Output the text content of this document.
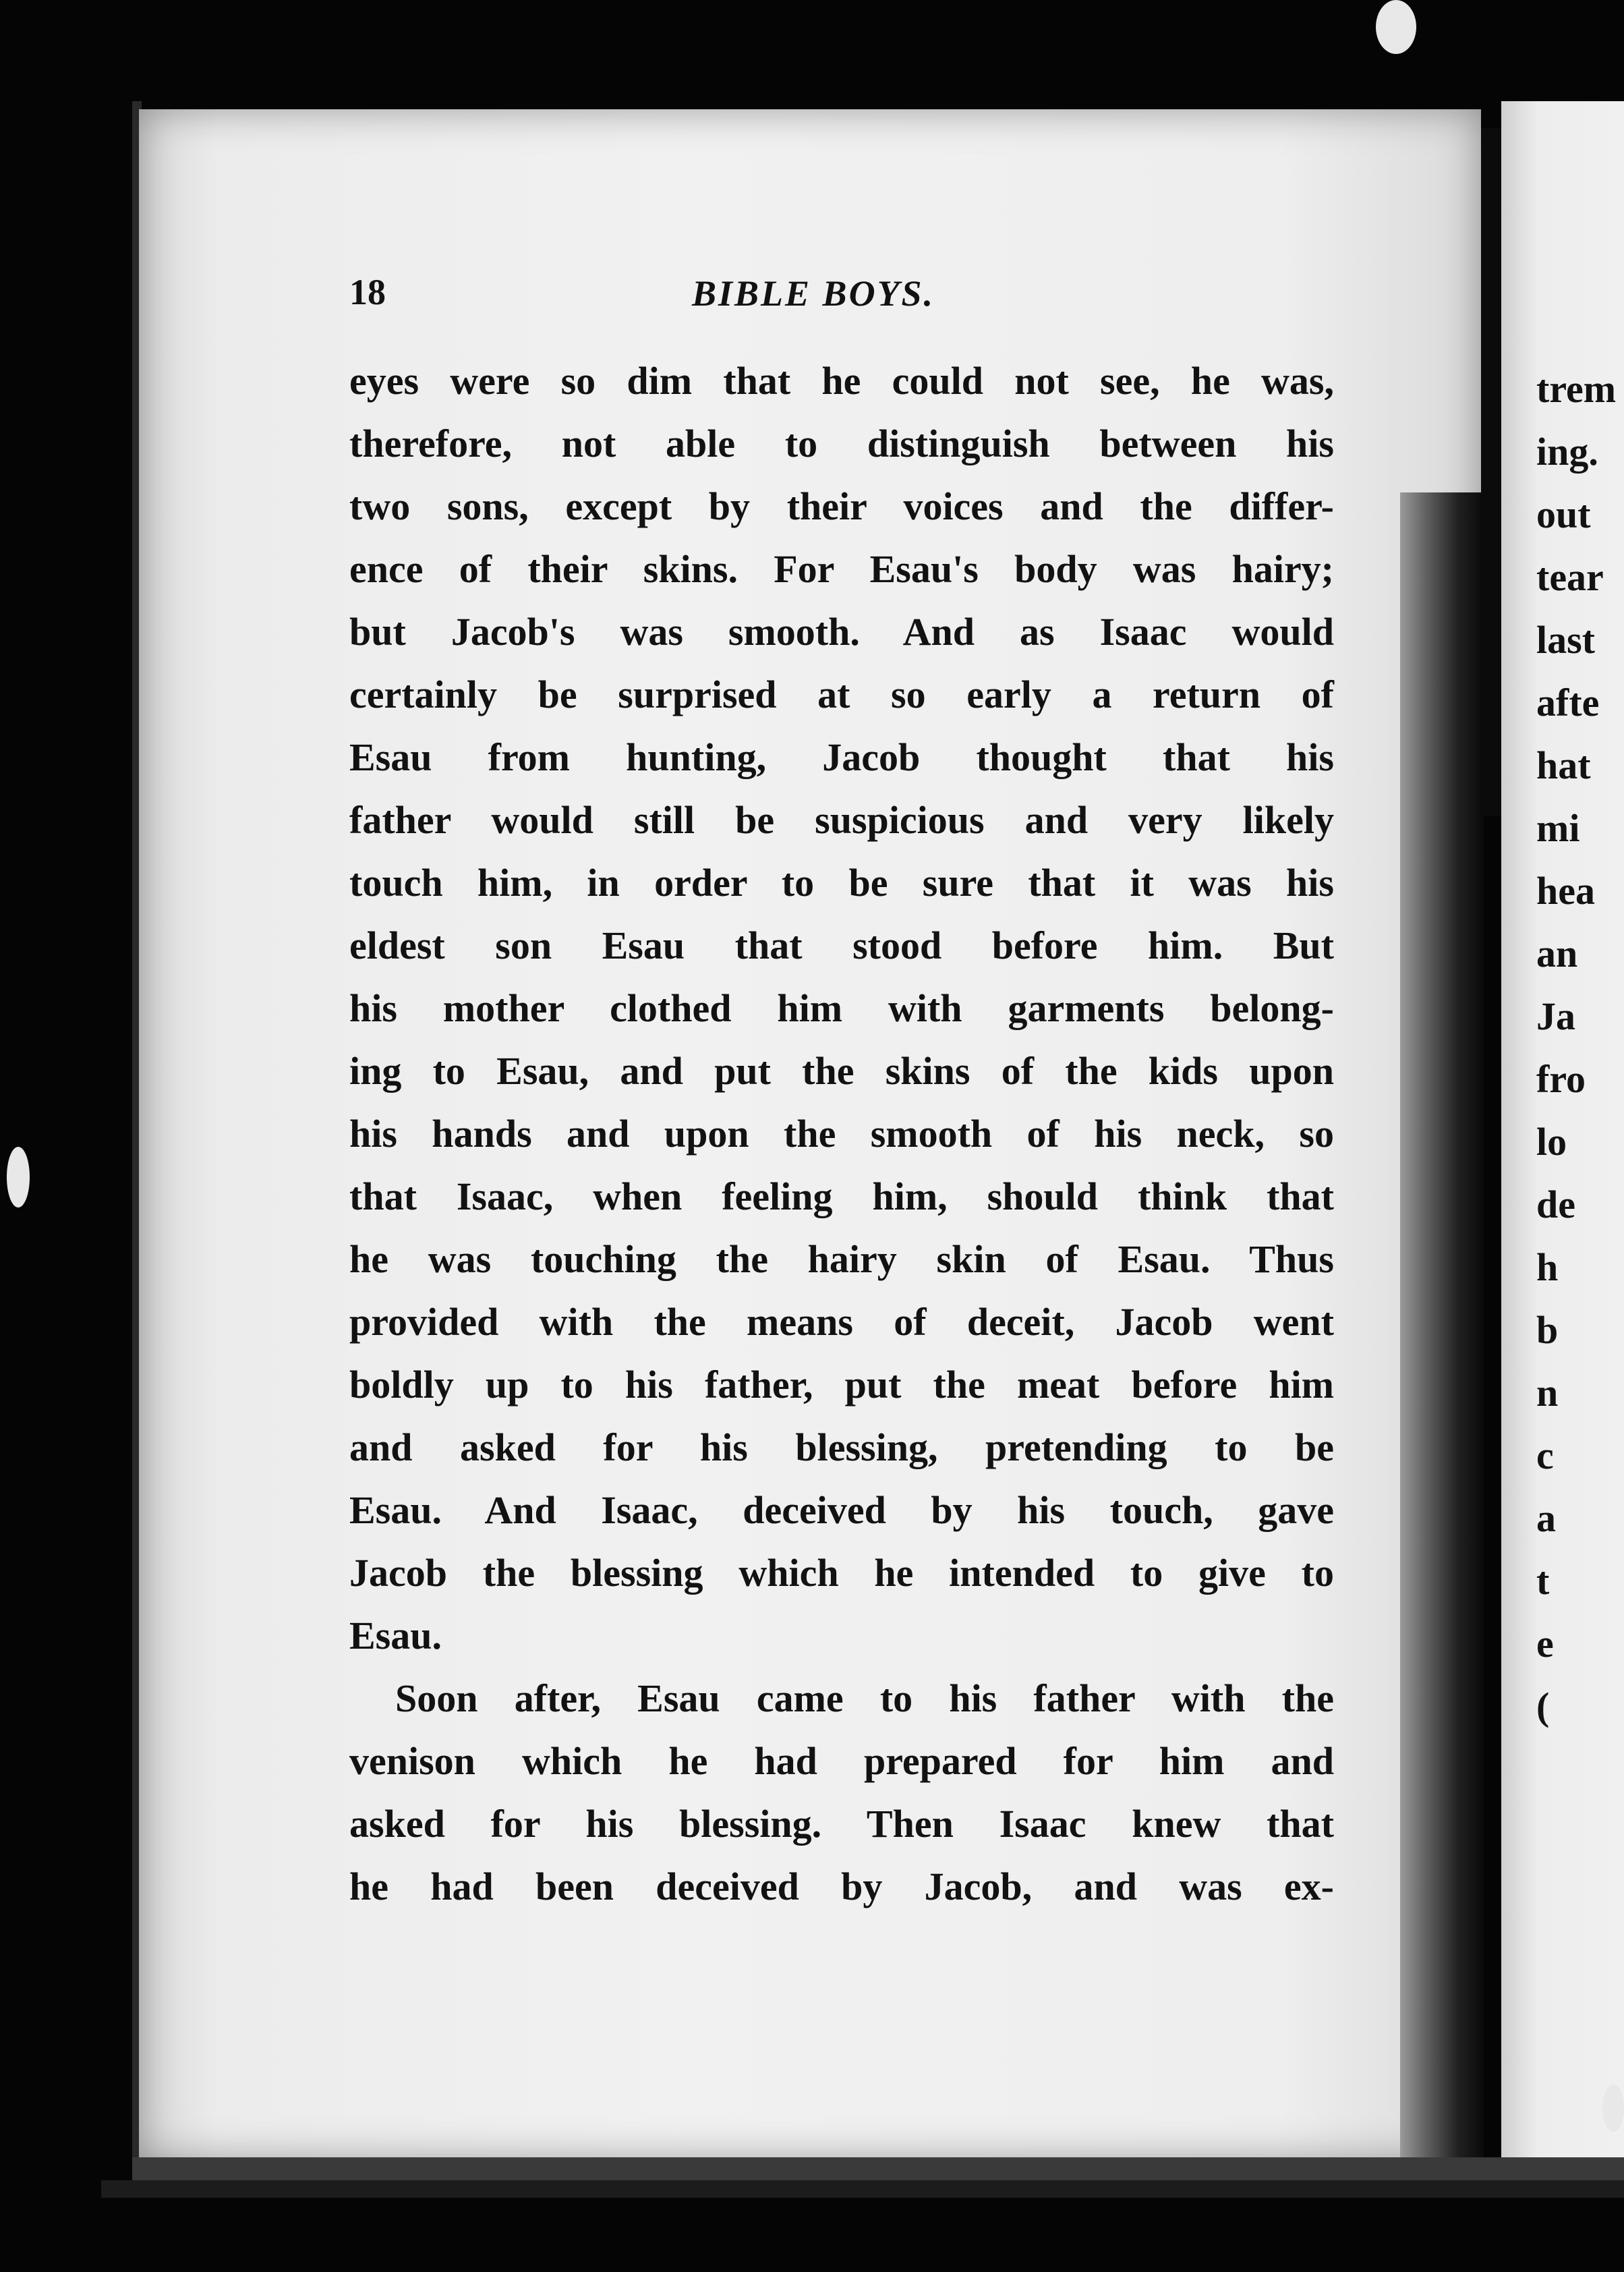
18	BIBLE BOYS.
eyes were so dim that he could not see, he was,
therefore, not able to distinguish between his
two sons, except by their voices and the differ-
ence of their skins. For Esau's body was hairy;
but Jacob's was smooth. And as Isaac would
certainly be surprised at so early a return of
Esau from hunting, Jacob thought that his
father would still be suspicious and very likely
touch him, in order to be sure that it was his
eldest son Esau that stood before him. But
his mother clothed him with garments belong-
ing to Esau, and put the skins of the kids upon
his hands and upon the smooth of his neck, so
that Isaac, when feeling him, should think that
he was touching the hairy skin of Esau. Thus
provided with the means of deceit, Jacob went
boldly up to his father, put the meat before him
and asked for his blessing, pretending to be
Esau. And Isaac, deceived by his touch, gave
Jacob the blessing which he intended to give to
Esau.
Soon after, Esau came to his father with the
venison which he had prepared for him and
asked for his blessing. Then Isaac knew that
he had been deceived by Jacob, and was ex-
trem
ing.
out
tear
last
afte
hat
mi
hea
an
Ja
fro
lo
de
h
b
n
c
a
t
e
(
